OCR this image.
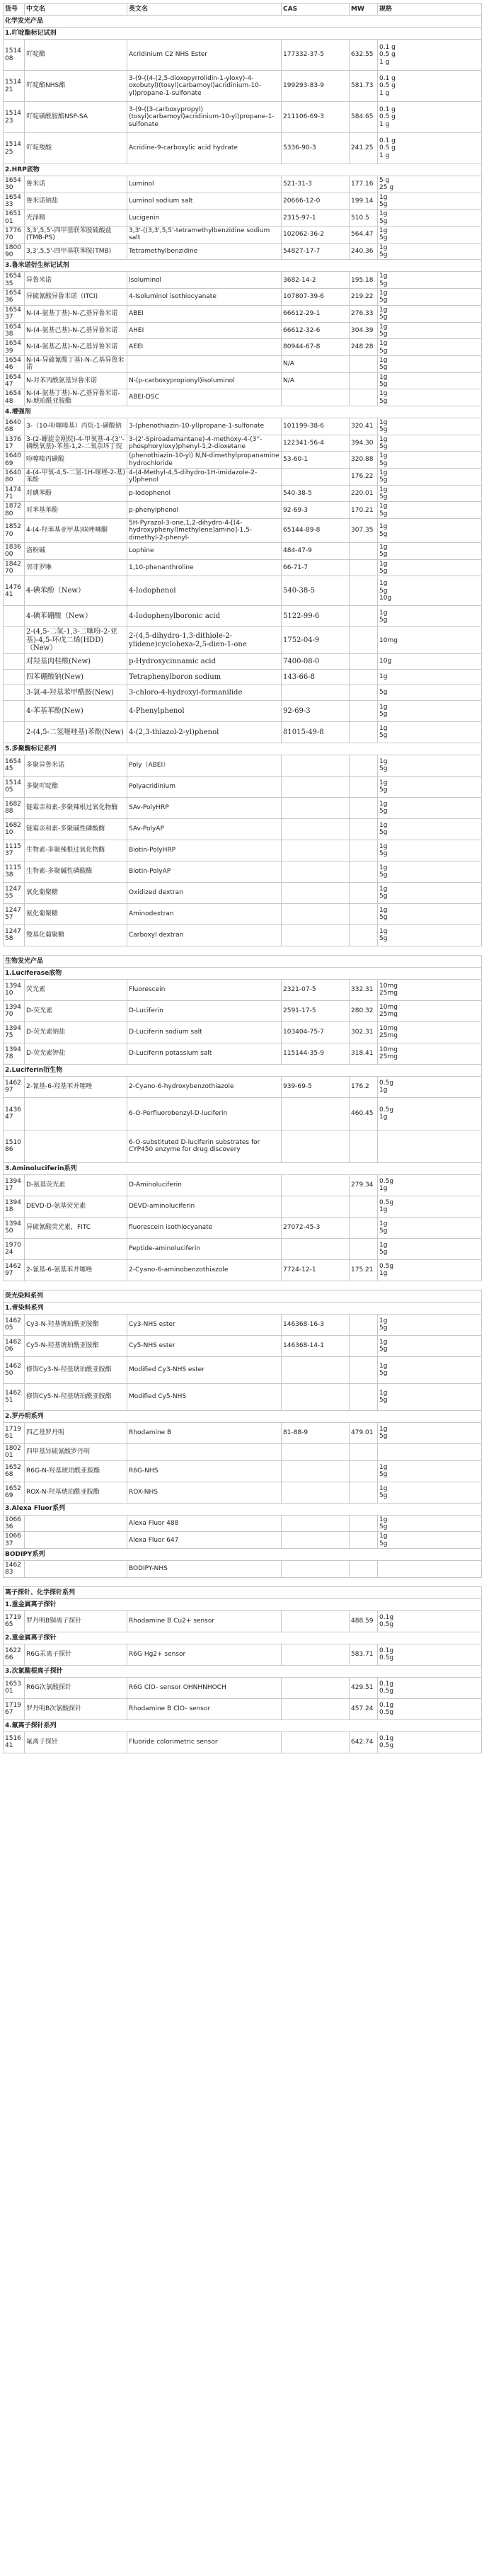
货号	中文名	英文名	CAS	MW	规格
化学发光产品					
1.吖啶酯标记试剂					
151408	吖啶酯	Acridinium C2 NHS Ester	177332-37-5	632.55	0.1 g
0.5 g
1 g

151421	吖啶酯NHS酯	3-(9-((4-(2,5-dioxopyrrolidin-1-yloxy)-4-oxobutyl)(tosyl)carbamoyl)acridinium-10-yl)propane-1-sulfonate	199293-83-9	581.73	0.1 g
0.5 g
1 g

151423	吖啶磺酰胺酯NSP-SA	3-(9-((3-carboxypropyl)(tosyl)carbamoyl)acridinium-10-yl)propane-1-sulfonate	211106-69-3	584.65	0.1 g
0.5 g
1 g

151425	吖啶羧酸	Acridine-9-carboxylic acid hydrate	5336-90-3	241.25	0.1 g
0.5 g
1 g

2.HRP底物					
165430	鲁米诺	Luminol	521-31-3	177.16	5 g
25 g

165433	鲁米诺钠盐	Luminol sodium salt	20666-12-0	199.14	1g
5g

165101	光泽精	Lucigenin	2315-97-1	510.5	1g
5g

177670	3,3',5,5'-四甲基联苯胺硫酸盐(TMB-PS)	3,3'-((3,3',5,5'-tetramethylbenzidine sodium salt	102062-36-2	564.47	1g
5g

180090	3,3',5,5'-四甲基联苯胺(TMB)	Tetramethylbenzidine	54827-17-7	240.36	1g
5g

3.鲁米诺衍生标记试剂					
165435	异鲁米诺	Isoluminol	3682-14-2	195.18	1g
5g

165436	异硫氰酸异鲁米诺（ITCI)	4-Isoluminol isothiocyanate	107807-39-6	219.22	1g
5g

165437	N-(4-氨基丁基)-N-乙基异鲁米诺	ABEI	66612-29-1	276.33	1g
5g

165438	N-(4-氨基己基)-N-乙基异鲁米诺	AHEI	66612-32-6	304.39	1g
5g

165439	N-(4-氨基乙基)-N-乙基异鲁米诺	AEEI	80944-67-8	248.28	1g
5g

165446	N-(4-异硫氰酸丁基)-N-乙基异鲁米诺		N/A		1g
5g

165447	N-对苯丙酰氨基异鲁米诺	N-(p-carboxypropionyl)isoluminol	N/A		1g
5g

165448	N-(4-氨基丁基)-N-乙基异鲁米诺-N-琥珀酰亚胺酯	ABEI-DSC			1g
5g

4.增强剂					
164068	3-（10-吩噻嗪基）丙烷-1-磺酸钠	3-(phenothiazin-10-yl)propane-1-sulfonate	101199-38-6	320.41	1g
5g

137617	3-(2-螺旋金刚烷)-4-甲氧基-4-(3''-磷酰氧基)-苯基-1,2-二氧杂环丁烷	3-(2'-Spiroadamantane)-4-methoxy-4-(3''-phosphoryloxy)phenyl-1,2-dioxetane	122341-56-4	394.30	1g
5g

164069	吩噻嗪丙磺酸	(phenothiazin-10-yl) N,N-dimethylpropanamine hydrochloride	53-60-1	320.88	1g
5g

164080	4-(4-甲氧-4,5-二氢-1H-咪唑-2-基)苯酚	4-(4-Methyl-4,5-dihydro-1H-imidazole-2-yl)phenol		176.22	1g
5g

147471	对碘苯酚	p-Iodophenol	540-38-5	220.01	1g
5g

187280	对苯基苯酚	p-phenylphenol	92-69-3	170.21	1g
5g

185270	4-(4-羟苯基亚甲基)咪唑啉酮	5H-Pyrazol-3-one,1,2-dihydro-4-[(4-hydroxyphenyl)methylene]amino]-1,5-dimethyl-2-phenyl-	65144-89-8	307.35	1g
5g

183600	洛粉碱	Lophine	484-47-9		1g
5g

184270	邻菲罗啉	1,10-phenanthroline	66-71-7		1g
5g

147641	4-碘苯酚（New）	4-Iodophenol	540-38-5		1g
5g
10g

	4-碘苯硼酸（New）	4-Iodophenylboronic acid	5122-99-6		1g
5g

	2-(4,5-二氢-1,3-二噻吩-2-亚基)-4,5-环戊二烯(HDD)（New）	2-(4,5-dihydro-1,3-dithiole-2-ylidene)cyclohexa-2,5-dien-1-one	1752-04-9		10mg

	对羟基肉桂酸(New)	p-Hydroxycinnamic acid	7400-08-0		10g

	四苯硼酸钠(New)	Tetraphenylboron sodium	143-66-8		1g

	3-氯-4-羟基苯甲酰胺(New)	3-chloro-4-hydroxyl-formanilide			5g

	4-苯基苯酚(New)	4-Phenylphenol	92-69-3		1g
5g

	2-(4,5-二氢噻唑基)苯酚(New)	4-(2,3-thiazol-2-yl)phenol	81015-49-8		1g
5g

5.多聚酶标记系列					
165445	多聚异鲁米诺	Poly（ABEI）			1g
5g

151405	多聚吖啶酯	Polyacridinium			1g
5g

168288	链霉亲和素-多聚辣根过氧化物酶	SAv-PolyHRP			1g
5g

168210	链霉亲和素-多聚碱性磷酸酶	SAv-PolyAP			1g
5g

111537	生物素-多聚辣根过氧化物酶	Biotin-PolyHRP			1g
5g

111538	生物素-多聚碱性磷酸酶	Biotin-PolyAP			1g
5g

124755	氧化葡聚糖	Oxidized dextran			1g
5g

124757	氨化葡聚糖	Aminodextran			1g
5g

124758	羧基化葡聚糖	Carboxyl dextran			1g
5g

生物发光产品					
1.Luciferase底物					
139410	荧光素	Fluorescein	2321-07-5	332.31	10mg
25mg

139470	D-荧光素	D-Luciferin	2591-17-5	280.32	10mg
25mg

139475	D-荧光素钠盐	D-Luciferin sodium salt	103404-75-7	302.31	10mg
25mg

139478	D-荧光素钾盐	D-Luciferin potassium salt	115144-35-9	318.41	10mg
25mg

2.Luciferin衍生物					
146297	2-氰基-6-羟基苯并噻唑	2-Cyano-6-hydroxybenzothiazole	939-69-5	176.2	0.5g
1g

143647		6-O-Perfluorobenzyl-D-luciferin		460.45	0.5g
1g

151086		6-O-substituted D-luciferin substrates for CYP450 enzyme for drug discovery			
3.Aminoluciferin系列					
139417	D-氨基荧光素	D-Aminoluciferin		279.34	0.5g
1g

139418	DEVD-D-氨基荧光素	DEVD-aminoluciferin			0.5g
1g

139450	异硫氰酸荧光素，FITC	fluorescein isothiocyanate	27072-45-3		1g
5g

197024		Peptide-aminoluciferin			1g
5g

146297	2-氰基-6-氨基苯并噻唑	2-Cyano-6-aminobenzothiazole	7724-12-1	175.21	0.5g
1g

荧光染料系列					
1.青染料系列					
146205	Cy3-N-羟基琥珀酰亚胺酯	Cy3-NHS ester	146368-16-3		1g
5g

146206	Cy5-N-羟基琥珀酰亚胺酯	Cy5-NHS ester	146368-14-1		1g
5g

146250	修饰Cy3-N-羟基琥珀酰亚胺酯	Modified Cy3-NHS ester			1g
5g

146251	修饰Cy5-N-羟基琥珀酰亚胺酯	Modified Cy5-NHS			1g
5g

2.罗丹明系列					
171961	四乙基罗丹明	Rhodamine B	81-88-9	479.01	1g
5g

180201	四甲基异硫氰酸罗丹明				
165268	R6G-N-羟基琥珀酰亚胺酯	R6G-NHS			1g
5g

165269	ROX-N-羟基琥珀酰亚胺酯	ROX-NHS			1g
5g

3.Alexa Fluor系列					
106636		Alexa Fluor 488			1g
5g

106637		Alexa Fluor 647			1g
5g

BODIPY系列					
146283		BODIPY-NHS			

离子探针、化学探针系列					
1.重金属离子探针					
171965	罗丹明B铜离子探针	Rhodamine B Cu2+ sensor		488.59	0.1g
0.5g

2.重金属离子探针					
162266	R6G汞离子探针	R6G Hg2+ sensor		583.71	0.1g
0.5g

3.次氯酸根离子探针					
165301	R6G次氯酸探针	R6G ClO- sensor OHNHNHOCH		429.51	0.1g
0.5g

171967	罗丹明B次氯酸探针	Rhodamine B ClO- sensor		457.24	0.1g
0.5g

4.氟离子探针系列					
151641	氟离子探针	Fluoride colorimetric sensor		642.74	0.1g
0.5g
